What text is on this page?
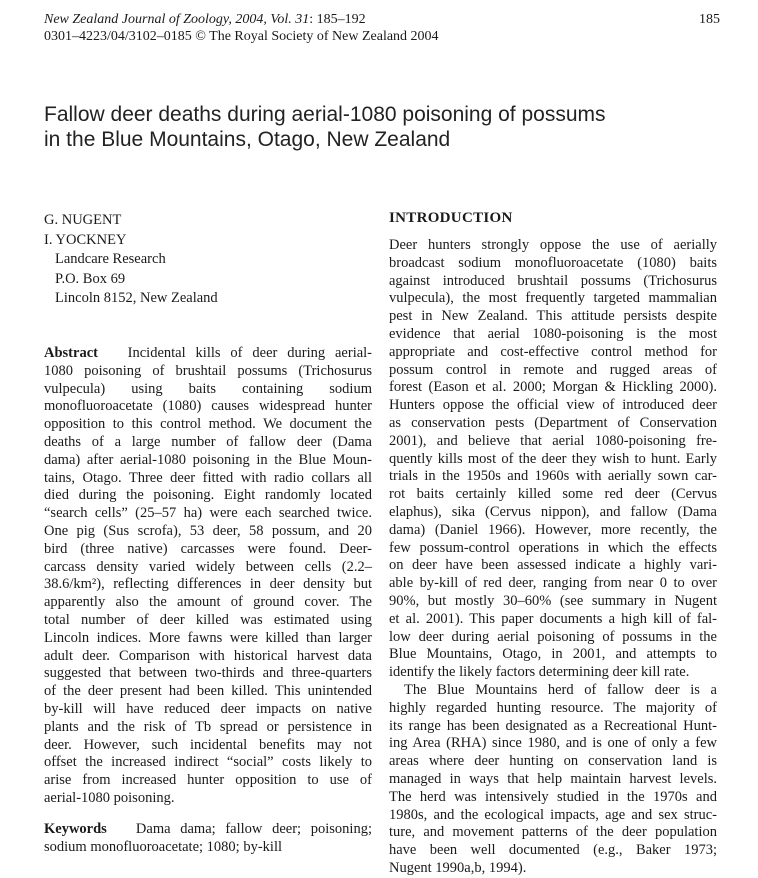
New Zealand Journal of Zoology, 2004, Vol. 31: 185–192
0301–4223/04/3102–0185 © The Royal Society of New Zealand 2004
185
Fallow deer deaths during aerial-1080 poisoning of possums
in the Blue Mountains, Otago, New Zealand
G. NUGENT
I. YOCKNEY
Landcare Research
P.O. Box 69
Lincoln 8152, New Zealand
Abstract Incidental kills of deer during aerial-
1080 poisoning of brushtail possums (Trichosurus
vulpecula) using baits containing sodium
monofluoroacetate (1080) causes widespread hunter
opposition to this control method. We document the
deaths of a large number of fallow deer (Dama
dama) after aerial-1080 poisoning in the Blue Moun-
tains, Otago. Three deer fitted with radio collars all
died during the poisoning. Eight randomly located
“search cells” (25–57 ha) were each searched twice.
One pig (Sus scrofa), 53 deer, 58 possum, and 20
bird (three native) carcasses were found. Deer-
carcass density varied widely between cells (2.2–
38.6/km²), reflecting differences in deer density but
apparently also the amount of ground cover. The
total number of deer killed was estimated using
Lincoln indices. More fawns were killed than larger
adult deer. Comparison with historical harvest data
suggested that between two-thirds and three-quarters
of the deer present had been killed. This unintended
by-kill will have reduced deer impacts on native
plants and the risk of Tb spread or persistence in
deer. However, such incidental benefits may not
offset the increased indirect “social” costs likely to
arise from increased hunter opposition to use of
aerial-1080 poisoning.
Keywords Dama dama; fallow deer; poisoning;
sodium monofluoroacetate; 1080; by-kill
INTRODUCTION
Deer hunters strongly oppose the use of aerially
broadcast sodium monofluoroacetate (1080) baits
against introduced brushtail possums (Trichosurus
vulpecula), the most frequently targeted mammalian
pest in New Zealand. This attitude persists despite
evidence that aerial 1080-poisoning is the most
appropriate and cost-effective control method for
possum control in remote and rugged areas of
forest (Eason et al. 2000; Morgan & Hickling 2000).
Hunters oppose the official view of introduced deer
as conservation pests (Department of Conservation
2001), and believe that aerial 1080-poisoning fre-
quently kills most of the deer they wish to hunt. Early
trials in the 1950s and 1960s with aerially sown car-
rot baits certainly killed some red deer (Cervus
elaphus), sika (Cervus nippon), and fallow (Dama
dama) (Daniel 1966). However, more recently, the
few possum-control operations in which the effects
on deer have been assessed indicate a highly vari-
able by-kill of red deer, ranging from near 0 to over
90%, but mostly 30–60% (see summary in Nugent
et al. 2001). This paper documents a high kill of fal-
low deer during aerial poisoning of possums in the
Blue Mountains, Otago, in 2001, and attempts to
identify the likely factors determining deer kill rate.
The Blue Mountains herd of fallow deer is a
highly regarded hunting resource. The majority of
its range has been designated as a Recreational Hunt-
ing Area (RHA) since 1980, and is one of only a few
areas where deer hunting on conservation land is
managed in ways that help maintain harvest levels.
The herd was intensively studied in the 1970s and
1980s, and the ecological impacts, age and sex struc-
ture, and movement patterns of the deer population
have been well documented (e.g., Baker 1973;
Nugent 1990a,b, 1994).
